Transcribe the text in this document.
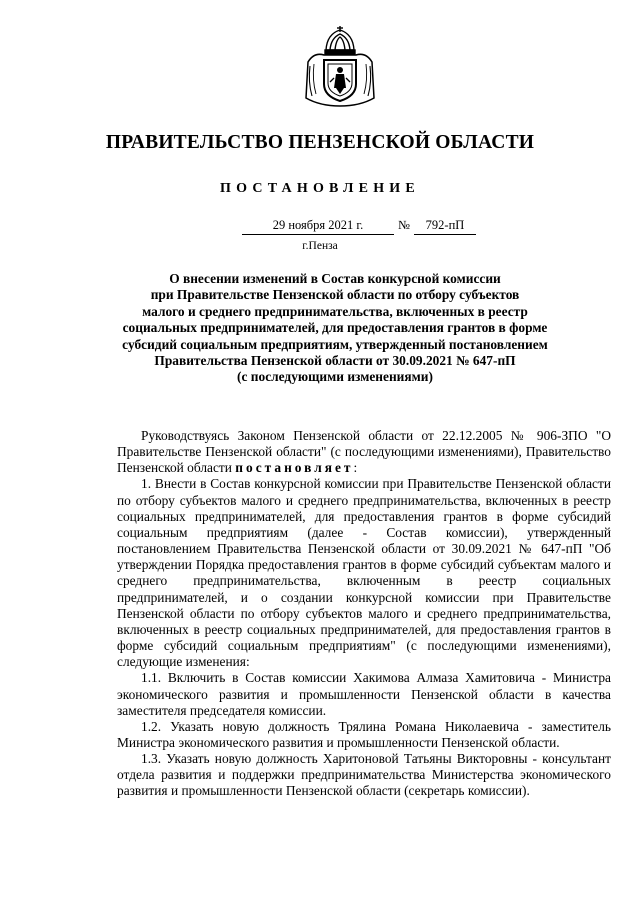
ПРАВИТЕЛЬСТВО ПЕНЗЕНСКОЙ ОБЛАСТИ
ПОСТАНОВЛЕНИЕ
29 ноября 2021 г.	№	792-пП
г.Пенза
О внесении изменений в Состав конкурсной комиссии
при Правительстве Пензенской области по отбору субъектов
малого и среднего предпринимательства, включенных в реестр
социальных предпринимателей, для предоставления грантов в форме
субсидий социальным предприятиям, утвержденный постановлением
Правительства Пензенской области от 30.09.2021 № 647-пП
(с последующими изменениями)

Руководствуясь Законом Пензенской области от 22.12.2005 № 906-ЗПО "О Правительстве Пензенской области" (с последующими изменениями), Правительство Пензенской области постановляет:

1. Внести в Состав конкурсной комиссии при Правительстве Пензенской области по отбору субъектов малого и среднего предпринимательства, включенных в реестр социальных предпринимателей, для предоставления грантов в форме субсидий социальным предприятиям (далее - Состав комиссии), утвержденный постановлением Правительства Пензенской области от 30.09.2021 № 647-пП "Об утверждении Порядка предоставления грантов в форме субсидий субъектам малого и среднего предпринимательства, включенным в реестр социальных предпринимателей, и о создании конкурсной комиссии при Правительстве Пензенской области по отбору субъектов малого и среднего предпринимательства, включенных в реестр социальных предпринимателей, для предоставления грантов в форме субсидий социальным предприятиям" (с последующими изменениями), следующие изменения:

1.1. Включить в Состав комиссии Хакимова Алмаза Хамитовича - Министра экономического развития и промышленности Пензенской области в качества заместителя председателя комиссии.

1.2. Указать новую должность Трялина Романа Николаевича - заместитель Министра экономического развития и промышленности Пензенской области.

1.3. Указать новую должность Харитоновой Татьяны Викторовны - консультант отдела развития и поддержки предпринимательства Министерства экономического развития и промышленности Пензенской области (секретарь комиссии).
